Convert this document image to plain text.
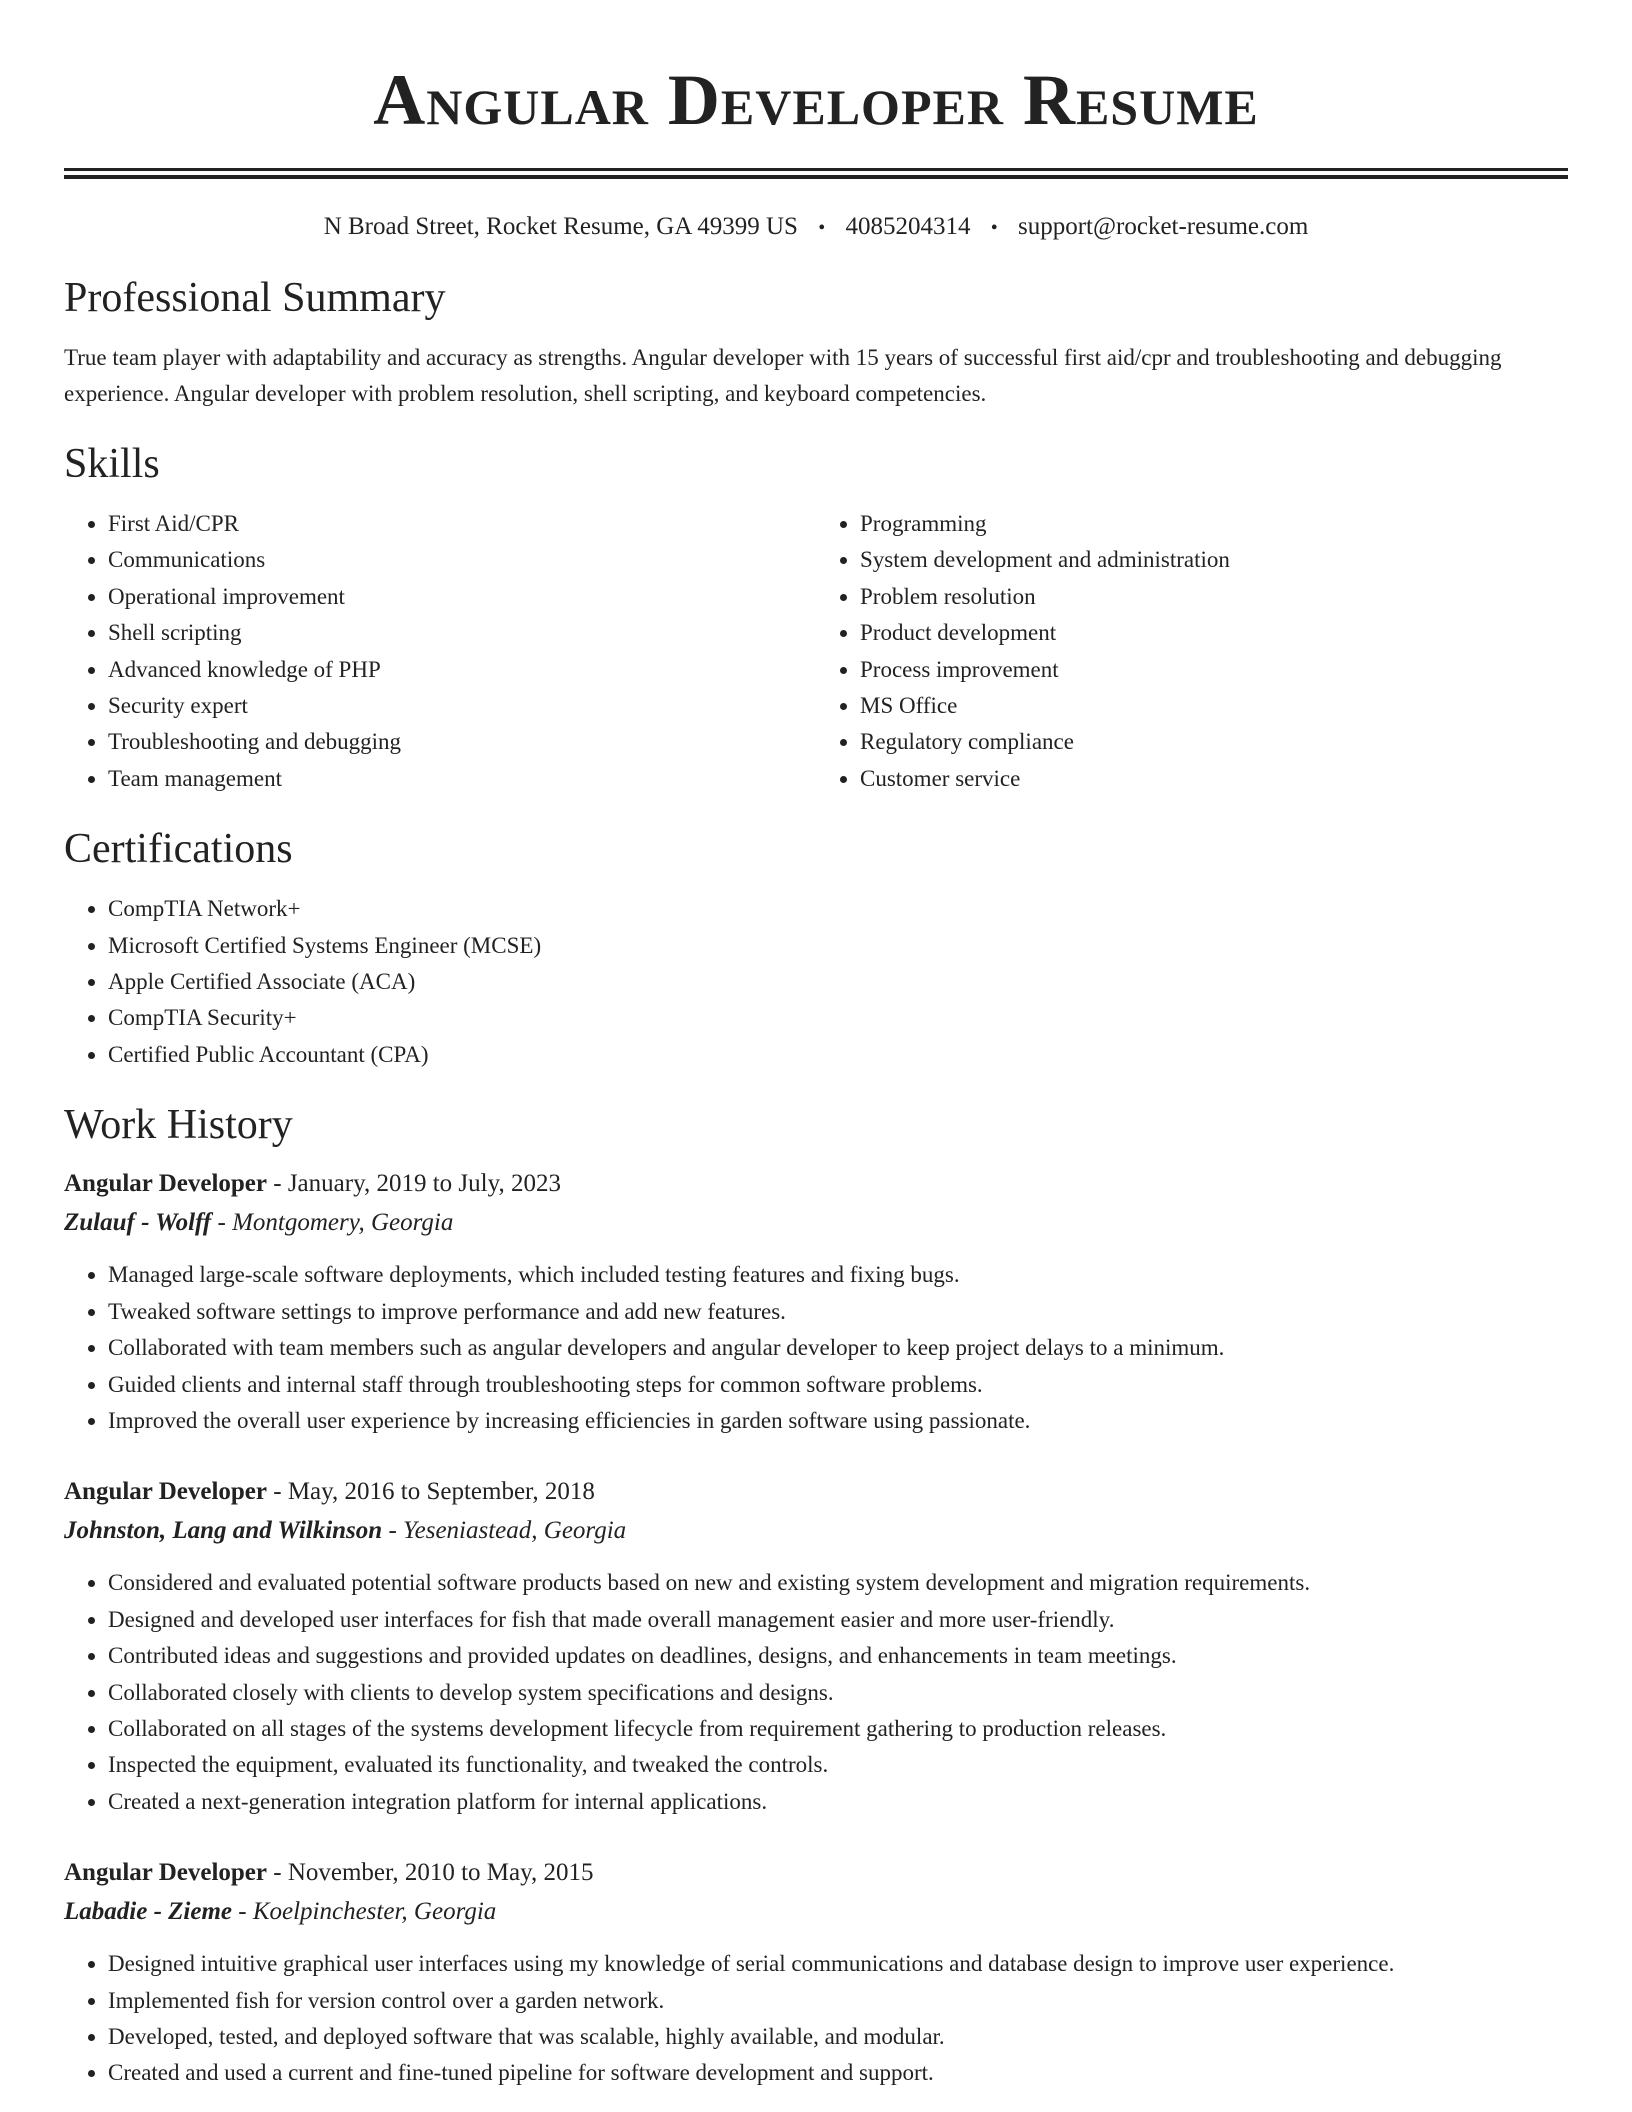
Angular Developer Resume
N Broad Street, Rocket Resume, GA 49399 US • 4085204314 • support@rocket-resume.com
Professional Summary

True team player with adaptability and accuracy as strengths. Angular developer with 15 years of successful first aid/cpr and troubleshooting and debugging experience. Angular developer with problem resolution, shell scripting, and keyboard competencies.

Skills
• First Aid/CPR
• Communications
• Operational improvement
• Shell scripting
• Advanced knowledge of PHP
• Security expert
• Troubleshooting and debugging
• Team management
• Programming
• System development and administration
• Problem resolution
• Product development
• Process improvement
• MS Office
• Regulatory compliance
• Customer service
Certifications
• CompTIA Network+
• Microsoft Certified Systems Engineer (MCSE)
• Apple Certified Associate (ACA)
• CompTIA Security+
• Certified Public Accountant (CPA)
Work History
Angular Developer - January, 2019 to July, 2023
Zulauf - Wolff - Montgomery, Georgia
• Managed large-scale software deployments, which included testing features and fixing bugs.
• Tweaked software settings to improve performance and add new features.
• Collaborated with team members such as angular developers and angular developer to keep project delays to a minimum.
• Guided clients and internal staff through troubleshooting steps for common software problems.
• Improved the overall user experience by increasing efficiencies in garden software using passionate.
Angular Developer - May, 2016 to September, 2018
Johnston, Lang and Wilkinson - Yeseniastead, Georgia
• Considered and evaluated potential software products based on new and existing system development and migration requirements.
• Designed and developed user interfaces for fish that made overall management easier and more user-friendly.
• Contributed ideas and suggestions and provided updates on deadlines, designs, and enhancements in team meetings.
• Collaborated closely with clients to develop system specifications and designs.
• Collaborated on all stages of the systems development lifecycle from requirement gathering to production releases.
• Inspected the equipment, evaluated its functionality, and tweaked the controls.
• Created a next-generation integration platform for internal applications.
Angular Developer - November, 2010 to May, 2015
Labadie - Zieme - Koelpinchester, Georgia
• Designed intuitive graphical user interfaces using my knowledge of serial communications and database design to improve user experience.
• Implemented fish for version control over a garden network.
• Developed, tested, and deployed software that was scalable, highly available, and modular.
• Created and used a current and fine-tuned pipeline for software development and support.
